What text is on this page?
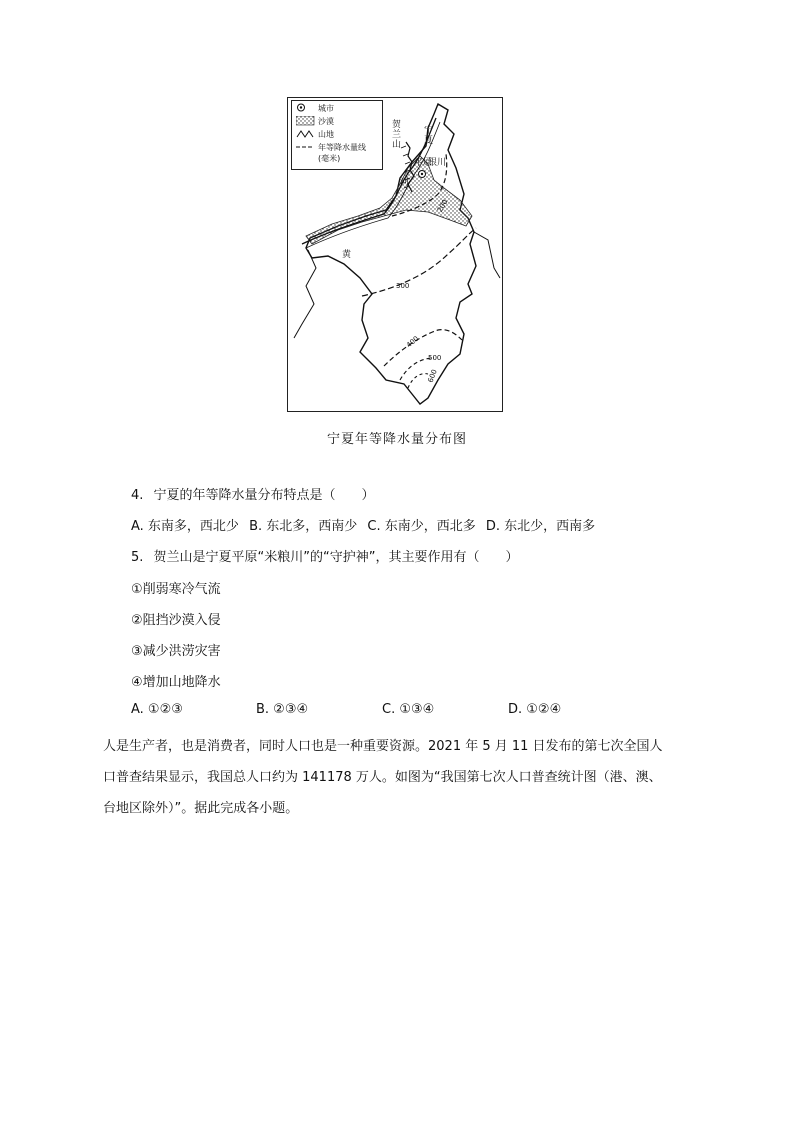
城市
沙漠
山地
年等降水量线(毫米)
贺兰山
宁夏
平原
银川
黄
河
200
300
400
500
600
宁夏年等降水量分布图
4. 宁夏的年等降水量分布特点是（　　）
A. 东南多，西北少 B. 东北多，西南少 C. 东南少，西北多 D. 东北少，西南多
5. 贺兰山是宁夏平原“米粮川”的“守护神”，其主要作用有（　　）
①削弱寒冷气流
②阻挡沙漠入侵
③减少洪涝灾害
④增加山地降水
A. ①②③	B. ②③④	C. ①③④	D. ①②④
人是生产者，也是消费者，同时人口也是一种重要资源。2021 年 5 月 11 日发布的第七次全国人
口普查结果显示，我国总人口约为 141178 万人。如图为“我国第七次人口普查统计图（港、澳、
台地区除外）”。据此完成各小题。
